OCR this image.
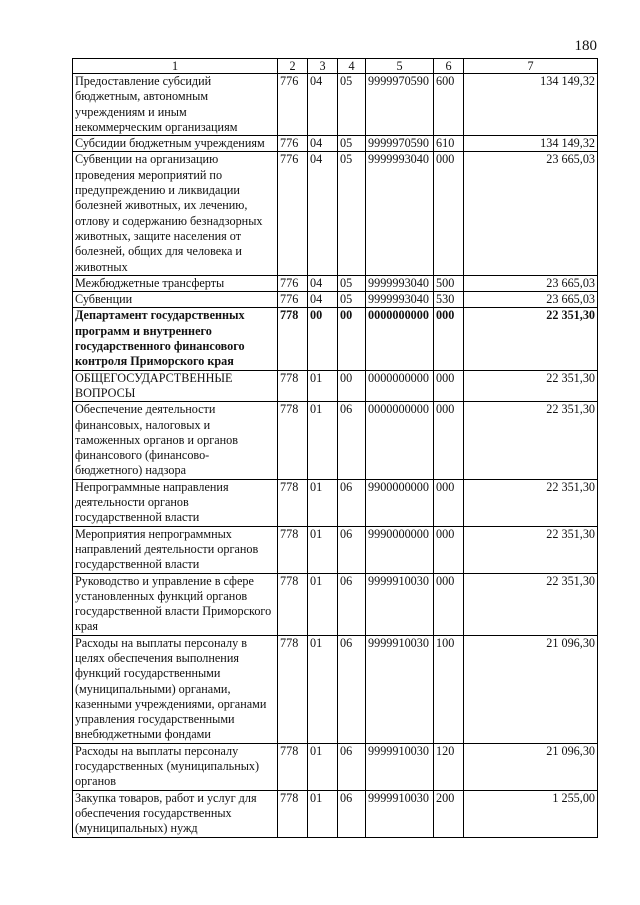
180
1	2	3	4	5	6	7
Предоставление субсидий бюджетным, автономным учреждениям и иным некоммерческим организациям	776	04	05	9999970590	600	134 149,32
Субсидии бюджетным учреждениям	776	04	05	9999970590	610	134 149,32
Субвенции на организацию проведения мероприятий по предупреждению и ликвидации болезней животных, их лечению, отлову и содержанию безнадзорных животных, защите населения от болезней, общих для человека и животных	776	04	05	9999993040	000	23 665,03
Межбюджетные трансферты	776	04	05	9999993040	500	23 665,03
Субвенции	776	04	05	9999993040	530	23 665,03
Департамент государственных программ и внутреннего государственного финансового контроля Приморского края	778	00	00	0000000000	000	22 351,30
ОБЩЕГОСУДАРСТВЕННЫЕ ВОПРОСЫ	778	01	00	0000000000	000	22 351,30
Обеспечение деятельности финансовых, налоговых и таможенных органов и органов финансового (финансово-бюджетного) надзора	778	01	06	0000000000	000	22 351,30
Непрограммные направления деятельности органов государственной власти	778	01	06	9900000000	000	22 351,30
Мероприятия непрограммных направлений деятельности органов государственной власти	778	01	06	9990000000	000	22 351,30
Руководство и управление в сфере установленных функций органов государственной власти Приморского края	778	01	06	9999910030	000	22 351,30
Расходы на выплаты персоналу в целях обеспечения выполнения функций государственными (муниципальными) органами, казенными учреждениями, органами управления государственными внебюджетными фондами	778	01	06	9999910030	100	21 096,30
Расходы на выплаты персоналу государственных (муниципальных) органов	778	01	06	9999910030	120	21 096,30
Закупка товаров, работ и услуг для обеспечения государственных (муниципальных) нужд	778	01	06	9999910030	200	1 255,00
